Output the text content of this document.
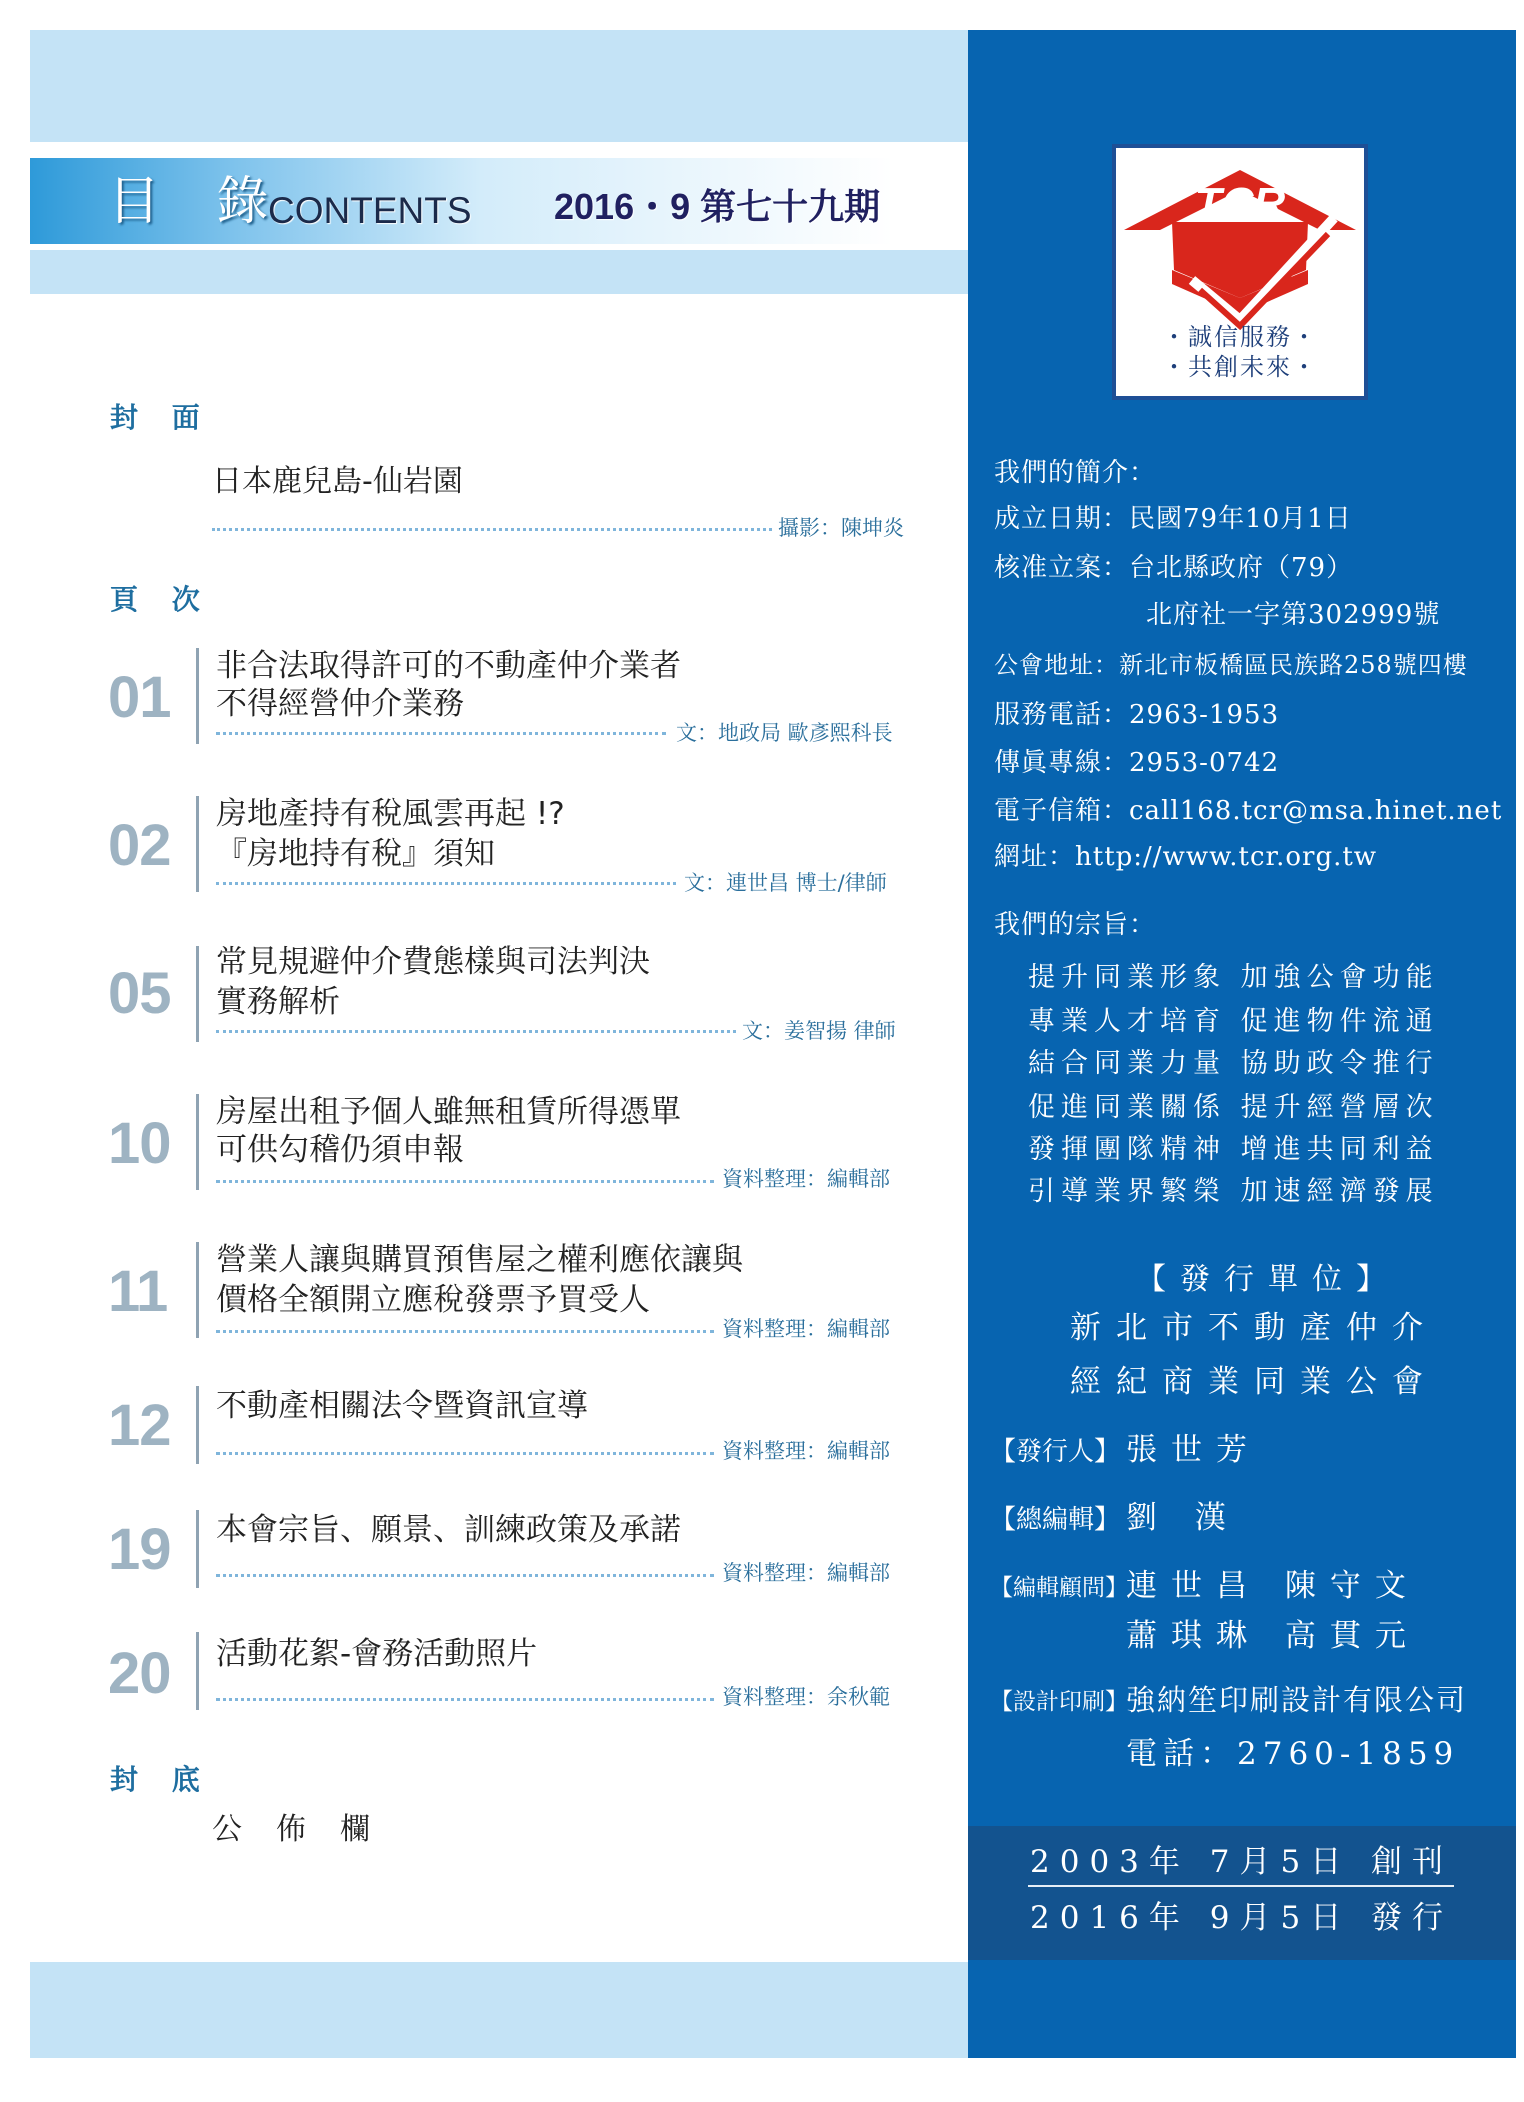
目 錄
CONTENTS 2016・9 第七十九期
封 面
日本鹿兒島-仙岩園
攝影：陳坤炎
頁 次
01	非合法取得許可的不動產仲介業者
不得經營仲介業務
文：地政局 歐彥熙科長
02	房地產持有稅風雲再起 !?
『房地持有稅』須知
文：連世昌 博士/律師
05	常見規避仲介費態樣與司法判決
實務解析
文：姜智揚 律師
10	房屋出租予個人雖無租賃所得憑單
可供勾稽仍須申報
資料整理：編輯部
11	營業人讓與購買預售屋之權利應依讓與
價格全額開立應稅發票予買受人
資料整理：編輯部
12	不動產相關法令暨資訊宣導
資料整理：編輯部
19	本會宗旨、願景、訓練政策及承諾
資料整理：編輯部
20	活動花絮-會務活動照片
資料整理：余秋範
封 底
公佈欄
TCR
・誠信服務・
・共創未來・
我們的簡介：
成立日期：民國79年10月1日
核准立案：台北縣政府（79）
北府社一字第302999號
公會地址：新北市板橋區民族路258號四樓
服務電話：2963-1953
傳眞專線：2953-0742
電子信箱：call168.tcr@msa.hinet.net
網址：http://www.tcr.org.tw
我們的宗旨：
提升同業形象 加強公會功能
專業人才培育 促進物件流通
結合同業力量 協助政令推行
促進同業關係 提升經營層次
發揮團隊精神 增進共同利益
引導業界繁榮 加速經濟發展
【發行單位】
新北市不動產仲介
經紀商業同業公會
【發行人】 張世芳
【總編輯】 劉 漢
【編輯顧問】
連世昌 陳守文
蕭琪琳 高貫元
【設計印刷】
強納笙印刷設計有限公司
電話：2760-1859
2003年 7月5日 創刊
2016年 9月5日 發行
